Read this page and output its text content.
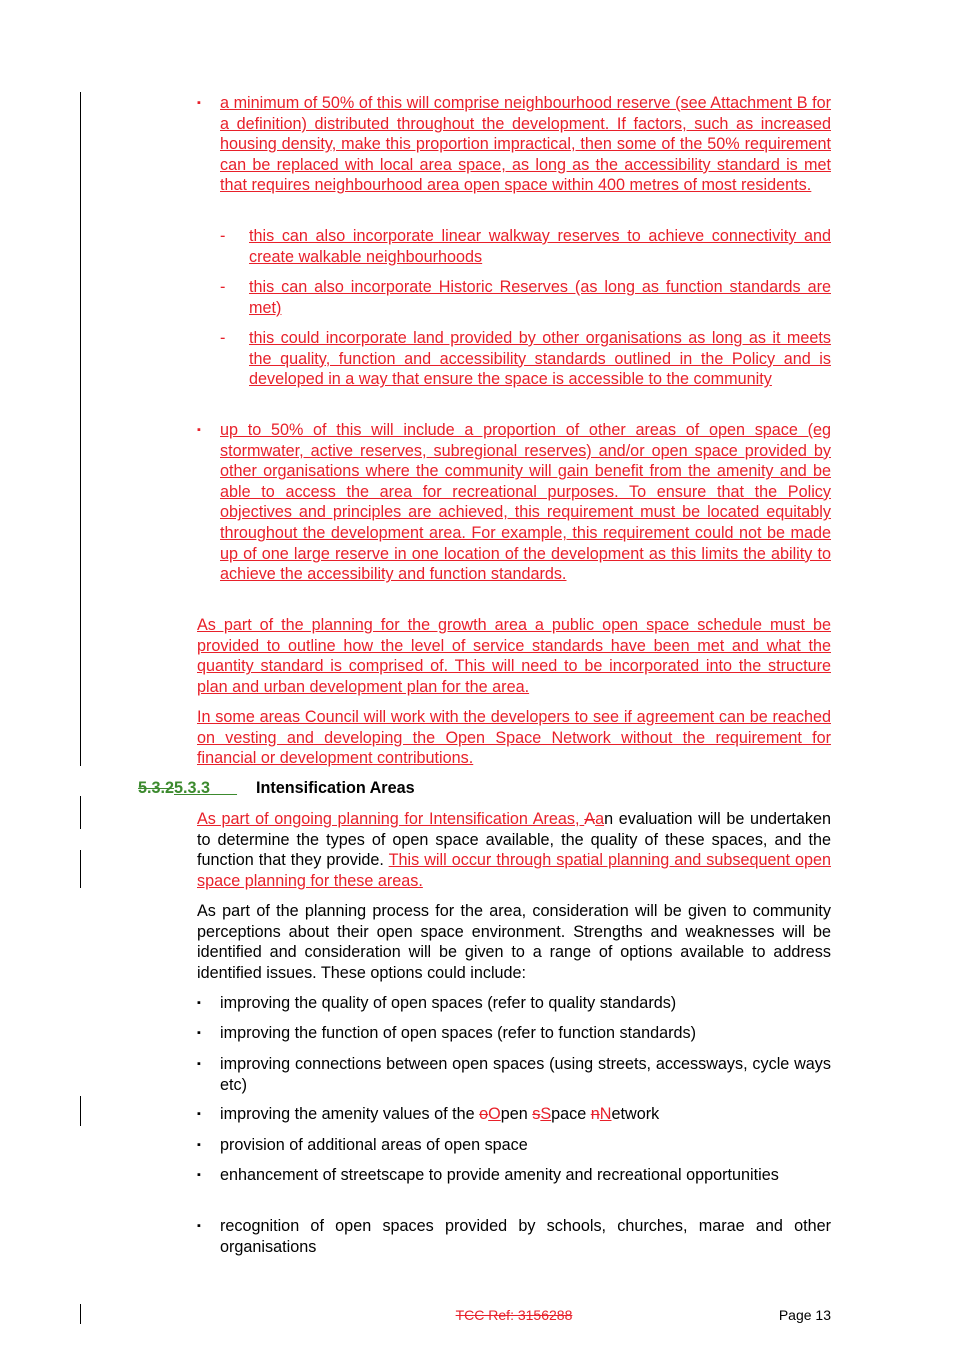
▪ a minimum of 50% of this will comprise neighbourhood reserve (see Attachment B for a definition) distributed throughout the development. If factors, such as increased housing density, make this proportion impractical, then some of the 50% requirement can be replaced with local area space, as long as the accessibility standard is met that requires neighbourhood area open space within 400 metres of most residents.
- this can also incorporate linear walkway reserves to achieve connectivity and create walkable neighbourhoods
- this can also incorporate Historic Reserves (as long as function standards are met)
- this could incorporate land provided by other organisations as long as it meets the quality, function and accessibility standards outlined in the Policy and is developed in a way that ensure the space is accessible to the community
▪ up to 50% of this will include a proportion of other areas of open space (eg stormwater, active reserves, subregional reserves) and/or open space provided by other organisations where the community will gain benefit from the amenity and be able to access the area for recreational purposes. To ensure that the Policy objectives and principles are achieved, this requirement must be located equitably throughout the development area. For example, this requirement could not be made up of one large reserve in one location of the development as this limits the ability to achieve the accessibility and function standards.
As part of the planning for the growth area a public open space schedule must be provided to outline how the level of service standards have been met and what the quantity standard is comprised of. This will need to be incorporated into the structure plan and urban development plan for the area.
In some areas Council will work with the developers to see if agreement can be reached on vesting and developing the Open Space Network without the requirement for financial or development contributions.
5.3.25.3.3	Intensification Areas
As part of ongoing planning for Intensification Areas, Aan evaluation will be undertaken to determine the types of open space available, the quality of these spaces, and the function that they provide. This will occur through spatial planning and subsequent open space planning for these areas.
As part of the planning process for the area, consideration will be given to community perceptions about their open space environment. Strengths and weaknesses will be identified and consideration will be given to a range of options available to address identified issues. These options could include:
▪ improving the quality of open spaces (refer to quality standards)
▪ improving the function of open spaces (refer to function standards)
▪ improving connections between open spaces (using streets, accessways, cycle ways etc)
▪ improving the amenity values of the oOpen sSpace nNetwork
▪ provision of additional areas of open space
▪ enhancement of streetscape to provide amenity and recreational opportunities
▪ recognition of open spaces provided by schools, churches, marae and other organisations
TCC Ref: 3156288	Page 13
